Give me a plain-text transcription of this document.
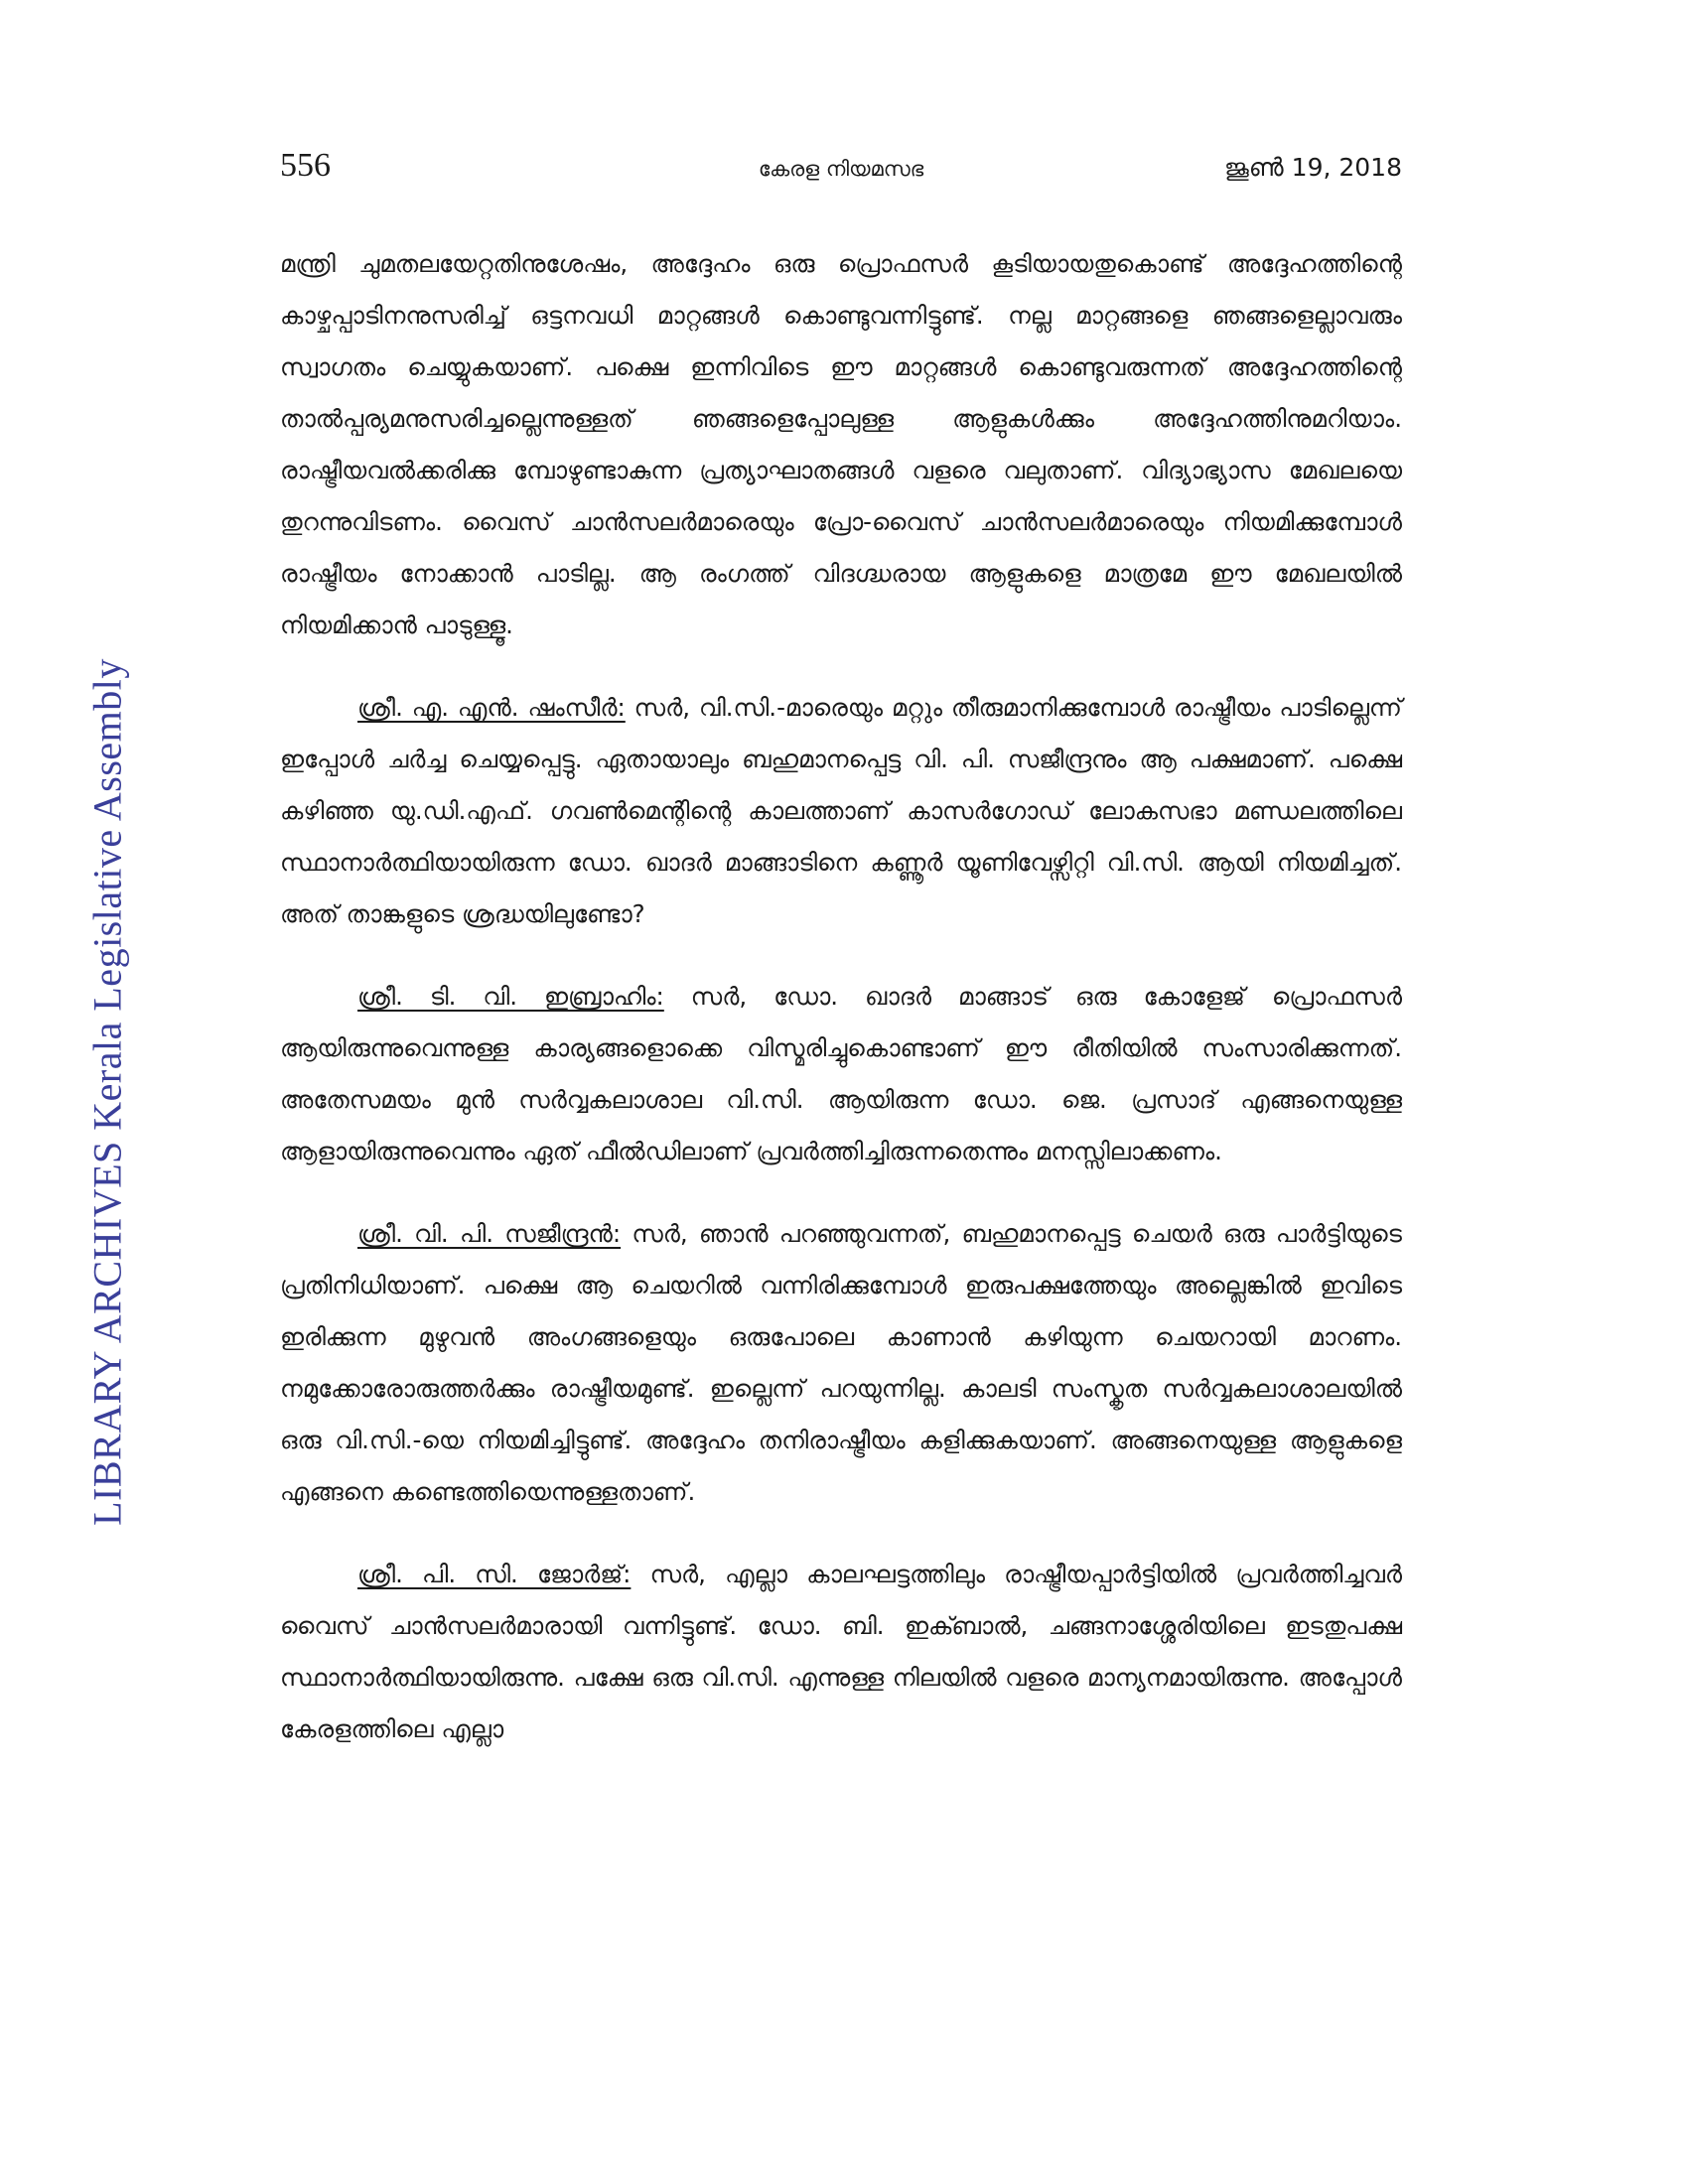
LIBRARY ARCHIVES Kerala Legislative Assembly
556	കേരള നിയമസഭ	ജൂൺ 19, 2018

മന്ത്രി ചുമതലയേറ്റതിനുശേഷം, അദ്ദേഹം ഒരു പ്രൊഫസർ കൂടിയായതുകൊണ്ട് അദ്ദേഹത്തിന്റെ കാഴ്ചപ്പാടിനനുസരിച്ച് ഒട്ടനവധി മാറ്റങ്ങൾ കൊണ്ടുവന്നിട്ടുണ്ട്. നല്ല മാറ്റങ്ങളെ ഞങ്ങളെല്ലാവരും സ്വാഗതം ചെയ്യുകയാണ്. പക്ഷെ ഇന്നിവിടെ ഈ മാറ്റങ്ങൾ കൊണ്ടുവരുന്നത് അദ്ദേഹത്തിന്റെ താൽപ്പര്യമനുസരിച്ചല്ലെന്നുള്ളത് ഞങ്ങളെപ്പോലുള്ള ആളുകൾക്കും അദ്ദേഹത്തിനുമറിയാം. രാഷ്ട്രീയവൽക്കരിക്കു മ്പോഴുണ്ടാകുന്ന പ്രത്യാഘാതങ്ങൾ വളരെ വലുതാണ്. വിദ്യാഭ്യാസ മേഖലയെ തുറന്നുവിടണം. വൈസ് ചാൻസലർമാരെയും പ്രോ-വൈസ് ചാൻസലർമാരെയും നിയമിക്കുമ്പോൾ രാഷ്ട്രീയം നോക്കാൻ പാടില്ല. ആ രംഗത്ത് വിദഗ്ദ്ധരായ ആളുകളെ മാത്രമേ ഈ മേഖലയിൽ നിയമിക്കാൻ പാടുള്ളൂ.

ശ്രീ. എ. എൻ. ഷംസീർ: സർ, വി.സി.-മാരെയും മറ്റും തീരുമാനിക്കുമ്പോൾ രാഷ്ട്രീയം പാടില്ലെന്ന് ഇപ്പോൾ ചർച്ച ചെയ്യപ്പെട്ടു. ഏതായാലും ബഹുമാനപ്പെട്ട വി. പി. സജീന്ദ്രനും ആ പക്ഷമാണ്. പക്ഷെ കഴിഞ്ഞ യു.ഡി.എഫ്. ഗവൺമെന്റിന്റെ കാലത്താണ് കാസർഗോഡ് ലോകസഭാ മണ്ഡലത്തിലെ സ്ഥാനാർത്ഥിയായിരുന്ന ഡോ. ഖാദർ മാങ്ങാടിനെ കണ്ണൂർ യൂണിവേഴ്സിറ്റി വി.സി. ആയി നിയമിച്ചത്. അത് താങ്കളുടെ ശ്രദ്ധയിലുണ്ടോ?

ശ്രീ. ടി. വി. ഇബ്രാഹിം: സർ, ഡോ. ഖാദർ മാങ്ങാട് ഒരു കോളേജ് പ്രൊഫസർ ആയിരുന്നുവെന്നുള്ള കാര്യങ്ങളൊക്കെ വിസ്മരിച്ചുകൊണ്ടാണ് ഈ രീതിയിൽ സംസാരിക്കുന്നത്. അതേസമയം മുൻ സർവ്വകലാശാല വി.സി. ആയിരുന്ന ഡോ. ജെ. പ്രസാദ് എങ്ങനെയുള്ള ആളായിരുന്നുവെന്നും ഏത് ഫീൽഡിലാണ് പ്രവർത്തിച്ചിരുന്നതെന്നും മനസ്സിലാക്കണം.

ശ്രീ. വി. പി. സജീന്ദ്രൻ: സർ, ഞാൻ പറഞ്ഞുവന്നത്, ബഹുമാനപ്പെട്ട ചെയർ ഒരു പാർട്ടിയുടെ പ്രതിനിധിയാണ്. പക്ഷെ ആ ചെയറിൽ വന്നിരിക്കുമ്പോൾ ഇരുപക്ഷത്തേയും അല്ലെങ്കിൽ ഇവിടെ ഇരിക്കുന്ന മുഴുവൻ അംഗങ്ങളെയും ഒരുപോലെ കാണാൻ കഴിയുന്ന ചെയറായി മാറണം. നമുക്കോരോരുത്തർക്കും രാഷ്ട്രീയമുണ്ട്. ഇല്ലെന്ന് പറയുന്നില്ല. കാലടി സംസ്കൃത സർവ്വകലാശാലയിൽ ഒരു വി.സി.-യെ നിയമിച്ചിട്ടുണ്ട്. അദ്ദേഹം തനിരാഷ്ട്രീയം കളിക്കുകയാണ്. അങ്ങനെയുള്ള ആളുകളെ എങ്ങനെ കണ്ടെത്തിയെന്നുള്ളതാണ്.

ശ്രീ. പി. സി. ജോർജ്: സർ, എല്ലാ കാലഘട്ടത്തിലും രാഷ്ട്രീയപ്പാർട്ടിയിൽ പ്രവർത്തിച്ചവർ വൈസ് ചാൻസലർമാരായി വന്നിട്ടുണ്ട്. ഡോ. ബി. ഇക്ബാൽ, ചങ്ങനാശ്ശേരിയിലെ ഇടതുപക്ഷ സ്ഥാനാർത്ഥിയായിരുന്നു. പക്ഷേ ഒരു വി.സി. എന്നുള്ള നിലയിൽ വളരെ മാന്യനമായിരുന്നു. അപ്പോൾ കേരളത്തിലെ എല്ലാ
